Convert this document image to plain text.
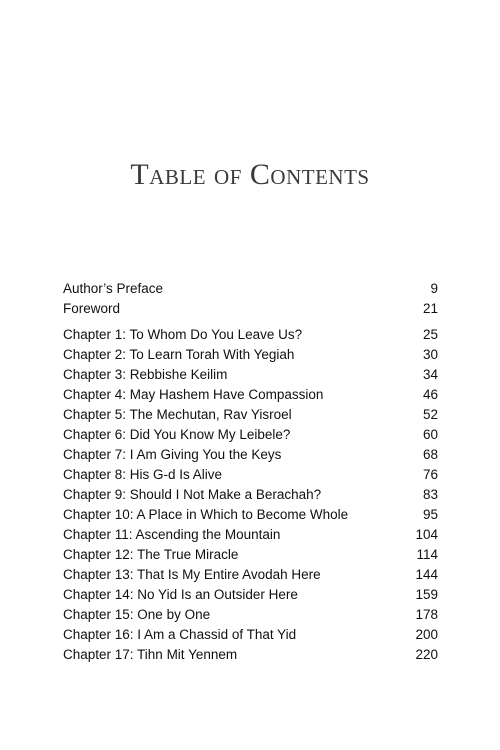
Table of Contents
Author’s Preface	9
Foreword	21
Chapter 1: To Whom Do You Leave Us?	25
Chapter 2: To Learn Torah With Yegiah	30
Chapter 3: Rebbishe Keilim	34
Chapter 4: May Hashem Have Compassion	46
Chapter 5: The Mechutan, Rav Yisroel	52
Chapter 6: Did You Know My Leibele?	60
Chapter 7: I Am Giving You the Keys	68
Chapter 8: His G-d Is Alive	76
Chapter 9: Should I Not Make a Berachah?	83
Chapter 10: A Place in Which to Become Whole	95
Chapter 11: Ascending the Mountain	104
Chapter 12: The True Miracle	114
Chapter 13: That Is My Entire Avodah Here	144
Chapter 14: No Yid Is an Outsider Here	159
Chapter 15: One by One	178
Chapter 16: I Am a Chassid of That Yid	200
Chapter 17: Tihn Mit Yennem	220
